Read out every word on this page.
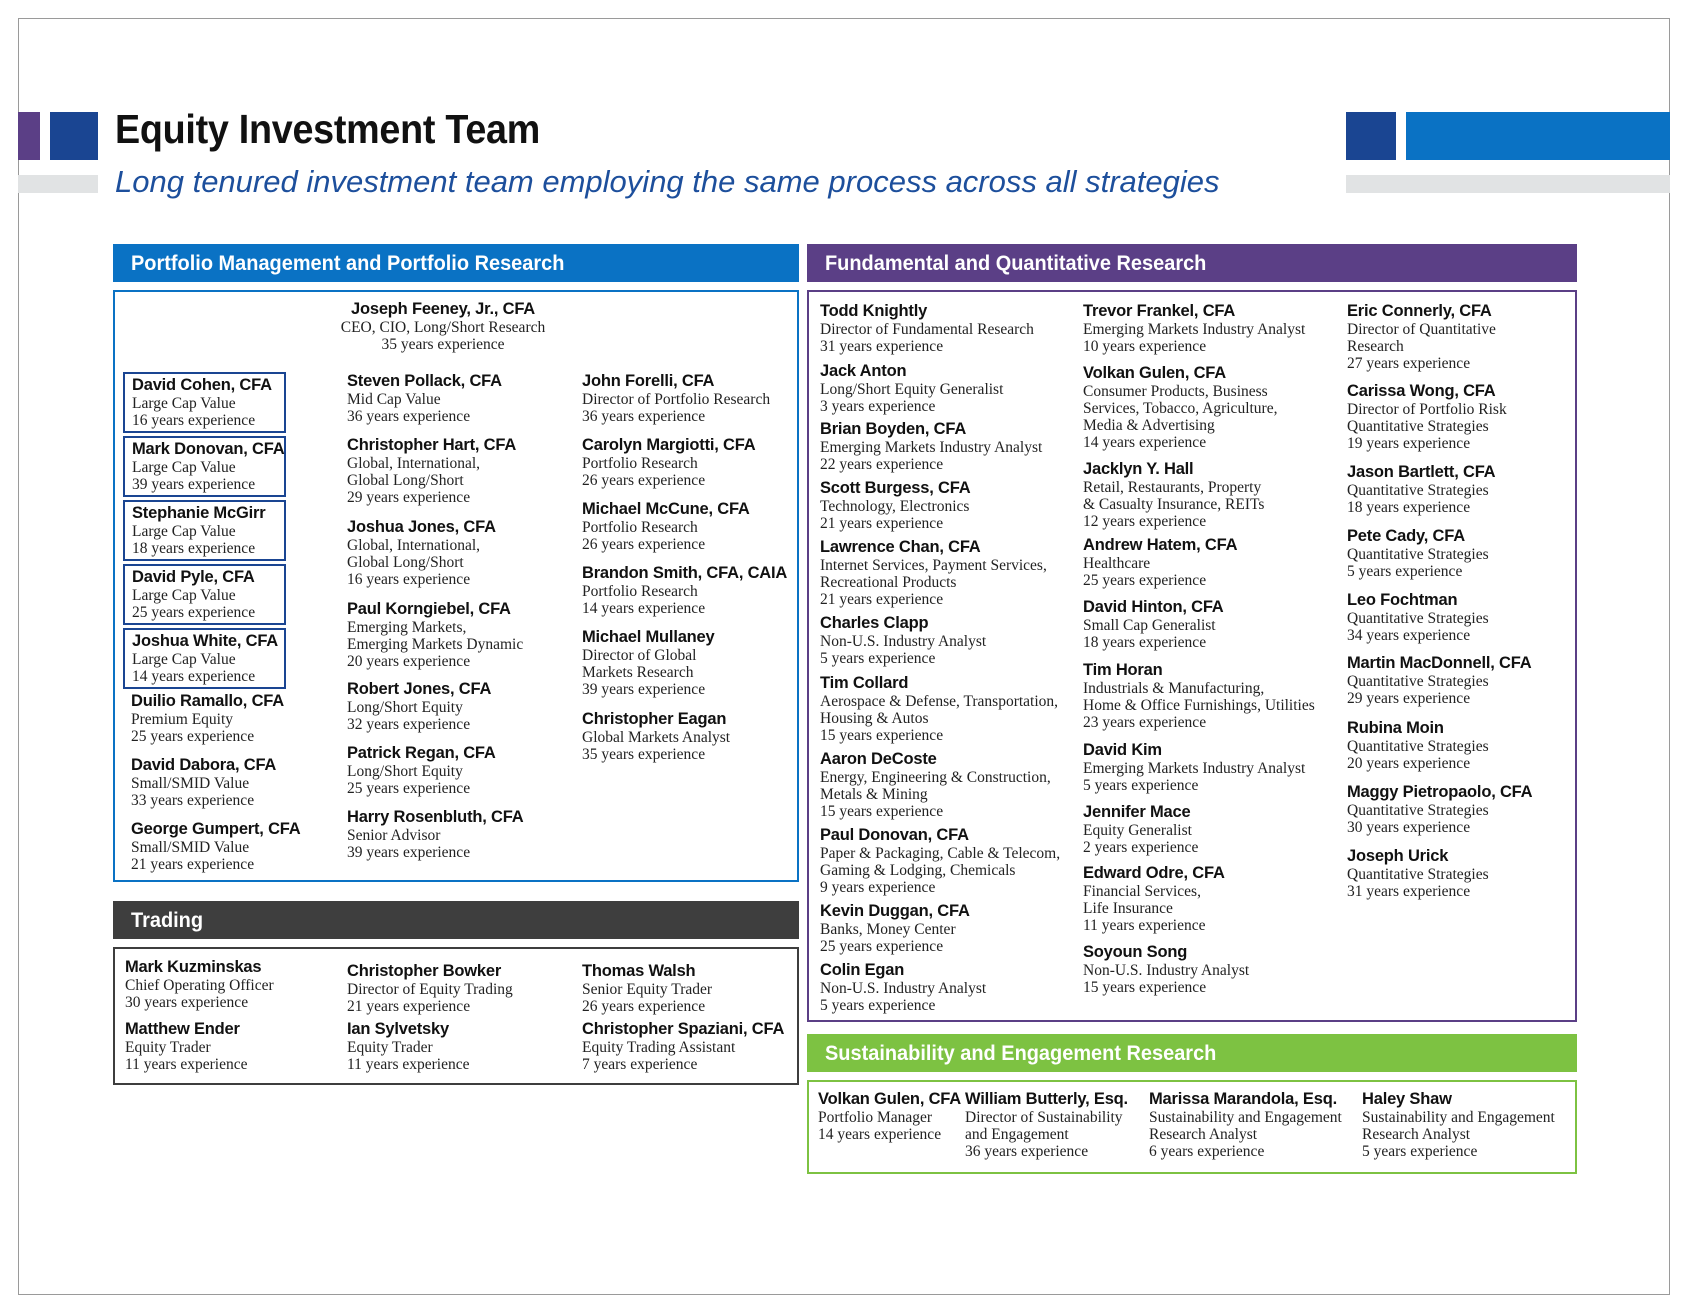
Equity Investment Team
Long tenured investment team employing the same process across all strategies
Portfolio Management and Portfolio Research
Joseph Feeney, Jr., CFA
CEO, CIO, Long/Short Research
35 years experience
Trading
Fundamental and Quantitative Research
Sustainability and Engagement Research
David Cohen, CFA
Large Cap Value
16 years experience
Mark Donovan, CFA
Large Cap Value
39 years experience
Stephanie McGirr
Large Cap Value
18 years experience
David Pyle, CFA
Large Cap Value
25 years experience
Joshua White, CFA
Large Cap Value
14 years experience
Duilio Ramallo, CFA
Premium Equity
25 years experience
David Dabora, CFA
Small/SMID Value
33 years experience
George Gumpert, CFA
Small/SMID Value
21 years experience
Steven Pollack, CFA
Mid Cap Value
36 years experience
Christopher Hart, CFA
Global, International,
Global Long/Short
29 years experience
Joshua Jones, CFA
Global, International,
Global Long/Short
16 years experience
Paul Korngiebel, CFA
Emerging Markets,
Emerging Markets Dynamic
20 years experience
Robert Jones, CFA
Long/Short Equity
32 years experience
Patrick Regan, CFA
Long/Short Equity
25 years experience
Harry Rosenbluth, CFA
Senior Advisor
39 years experience
John Forelli, CFA
Director of Portfolio Research
36 years experience
Carolyn Margiotti, CFA
Portfolio Research
26 years experience
Michael McCune, CFA
Portfolio Research
26 years experience
Brandon Smith, CFA, CAIA
Portfolio Research
14 years experience
Michael Mullaney
Director of Global
Markets Research
39 years experience
Christopher Eagan
Global Markets Analyst
35 years experience
Mark Kuzminskas
Chief Operating Officer
30 years experience
Matthew Ender
Equity Trader
11 years experience
Christopher Bowker
Director of Equity Trading
21 years experience
Ian Sylvetsky
Equity Trader
11 years experience
Thomas Walsh
Senior Equity Trader
26 years experience
Christopher Spaziani, CFA
Equity Trading Assistant
7 years experience
Todd Knightly
Director of Fundamental Research
31 years experience
Jack Anton
Long/Short Equity Generalist
3 years experience
Brian Boyden, CFA
Emerging Markets Industry Analyst
22 years experience
Scott Burgess, CFA
Technology, Electronics
21 years experience
Lawrence Chan, CFA
Internet Services, Payment Services,
Recreational Products
21 years experience
Charles Clapp
Non-U.S. Industry Analyst
5 years experience
Tim Collard
Aerospace & Defense, Transportation,
Housing & Autos
15 years experience
Aaron DeCoste
Energy, Engineering & Construction,
Metals & Mining
15 years experience
Paul Donovan, CFA
Paper & Packaging, Cable & Telecom,
Gaming & Lodging, Chemicals
9 years experience
Kevin Duggan, CFA
Banks, Money Center
25 years experience
Colin Egan
Non-U.S. Industry Analyst
5 years experience
Trevor Frankel, CFA
Emerging Markets Industry Analyst
10 years experience
Volkan Gulen, CFA
Consumer Products, Business
Services, Tobacco, Agriculture,
Media & Advertising
14 years experience
Jacklyn Y. Hall
Retail, Restaurants, Property
& Casualty Insurance, REITs
12 years experience
Andrew Hatem, CFA
Healthcare
25 years experience
David Hinton, CFA
Small Cap Generalist
18 years experience
Tim Horan
Industrials & Manufacturing,
Home & Office Furnishings, Utilities
23 years experience
David Kim
Emerging Markets Industry Analyst
5 years experience
Jennifer Mace
Equity Generalist
2 years experience
Edward Odre, CFA
Financial Services,
Life Insurance
11 years experience
Soyoun Song
Non-U.S. Industry Analyst
15 years experience
Eric Connerly, CFA
Director of Quantitative
Research
27 years experience
Carissa Wong, CFA
Director of Portfolio Risk
Quantitative Strategies
19 years experience
Jason Bartlett, CFA
Quantitative Strategies
18 years experience
Pete Cady, CFA
Quantitative Strategies
5 years experience
Leo Fochtman
Quantitative Strategies
34 years experience
Martin MacDonnell, CFA
Quantitative Strategies
29 years experience
Rubina Moin
Quantitative Strategies
20 years experience
Maggy Pietropaolo, CFA
Quantitative Strategies
30 years experience
Joseph Urick
Quantitative Strategies
31 years experience
Volkan Gulen, CFA
Portfolio Manager
14 years experience
William Butterly, Esq.
Director of Sustainability
and Engagement
36 years experience
Marissa Marandola, Esq.
Sustainability and Engagement
Research Analyst
6 years experience
Haley Shaw
Sustainability and Engagement
Research Analyst
5 years experience
